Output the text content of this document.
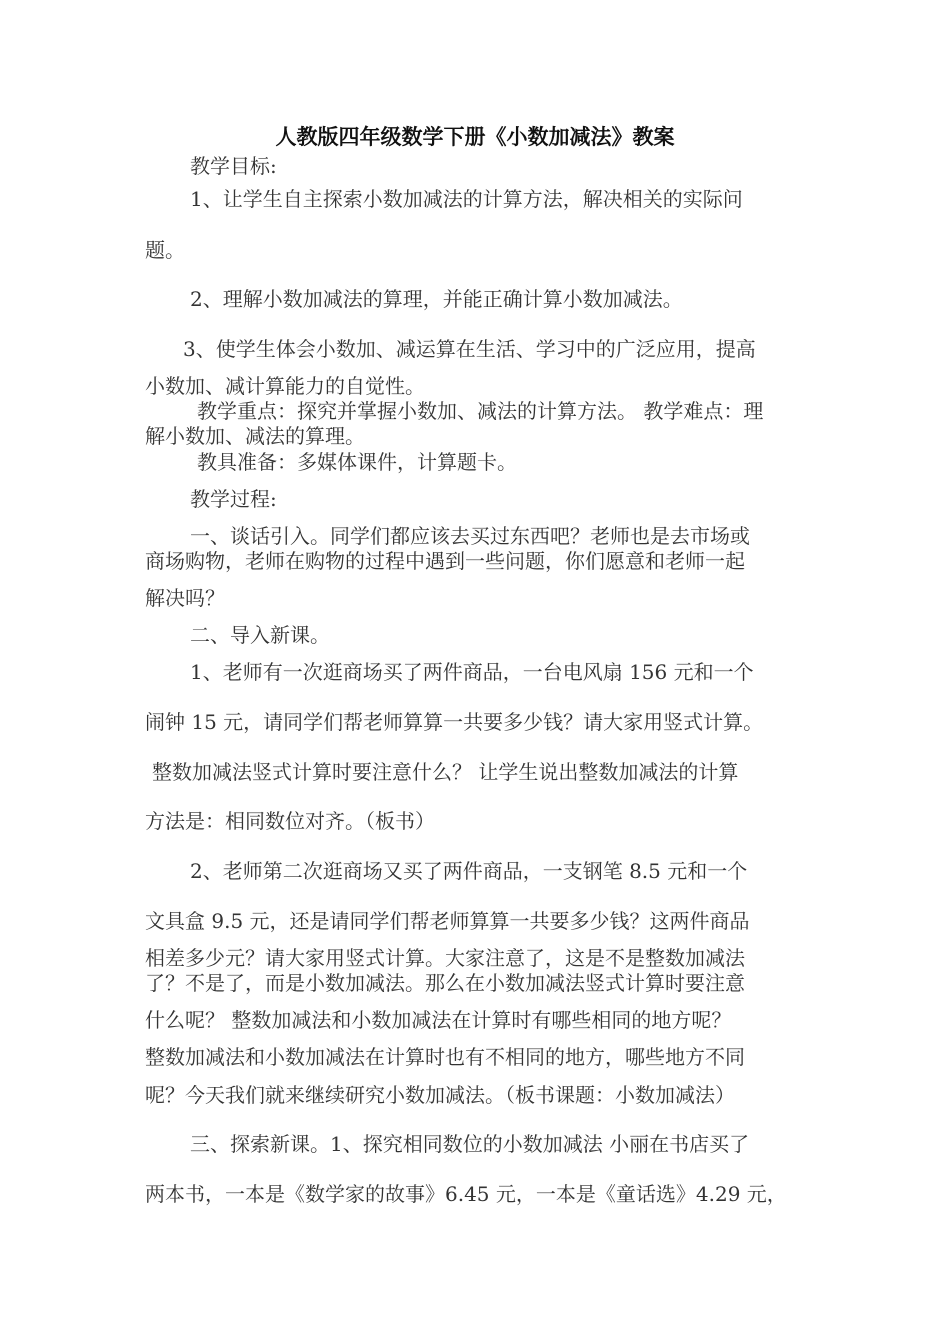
人教版四年级数学下册《小数加减法》教案
教学目标:
1、让学生自主探索小数加减法的计算方法，解决相关的实际问
题。
2、理解小数加减法的算理，并能正确计算小数加减法。
3、使学生体会小数加、减运算在生活、学习中的广泛应用，提高
小数加、减计算能力的自觉性。
教学重点：探究并掌握小数加、减法的计算方法。 教学难点：理
解小数加、减法的算理。
教具准备：多媒体课件，计算题卡。
教学过程:
一、谈话引入。同学们都应该去买过东西吧？老师也是去市场或
商场购物，老师在购物的过程中遇到一些问题，你们愿意和老师一起
解决吗？
二、导入新课。
1、老师有一次逛商场买了两件商品，一台电风扇 156 元和一个
闹钟 15 元，请同学们帮老师算算一共要多少钱？请大家用竖式计算。
整数加减法竖式计算时要注意什么？ 让学生说出整数加减法的计算
方法是：相同数位对齐。（板书）
2、老师第二次逛商场又买了两件商品，一支钢笔 8.5 元和一个
文具盒 9.5 元，还是请同学们帮老师算算一共要多少钱？这两件商品
相差多少元？请大家用竖式计算。大家注意了，这是不是整数加减法
了？不是了，而是小数加减法。那么在小数加减法竖式计算时要注意
什么呢？ 整数加减法和小数加减法在计算时有哪些相同的地方呢？
整数加减法和小数加减法在计算时也有不相同的地方，哪些地方不同
呢？今天我们就来继续研究小数加减法。（板书课题：小数加减法）
三、探索新课。1、探究相同数位的小数加减法 小丽在书店买了
两本书，一本是《数学家的故事》6.45 元，一本是《童话选》4.29 元，
